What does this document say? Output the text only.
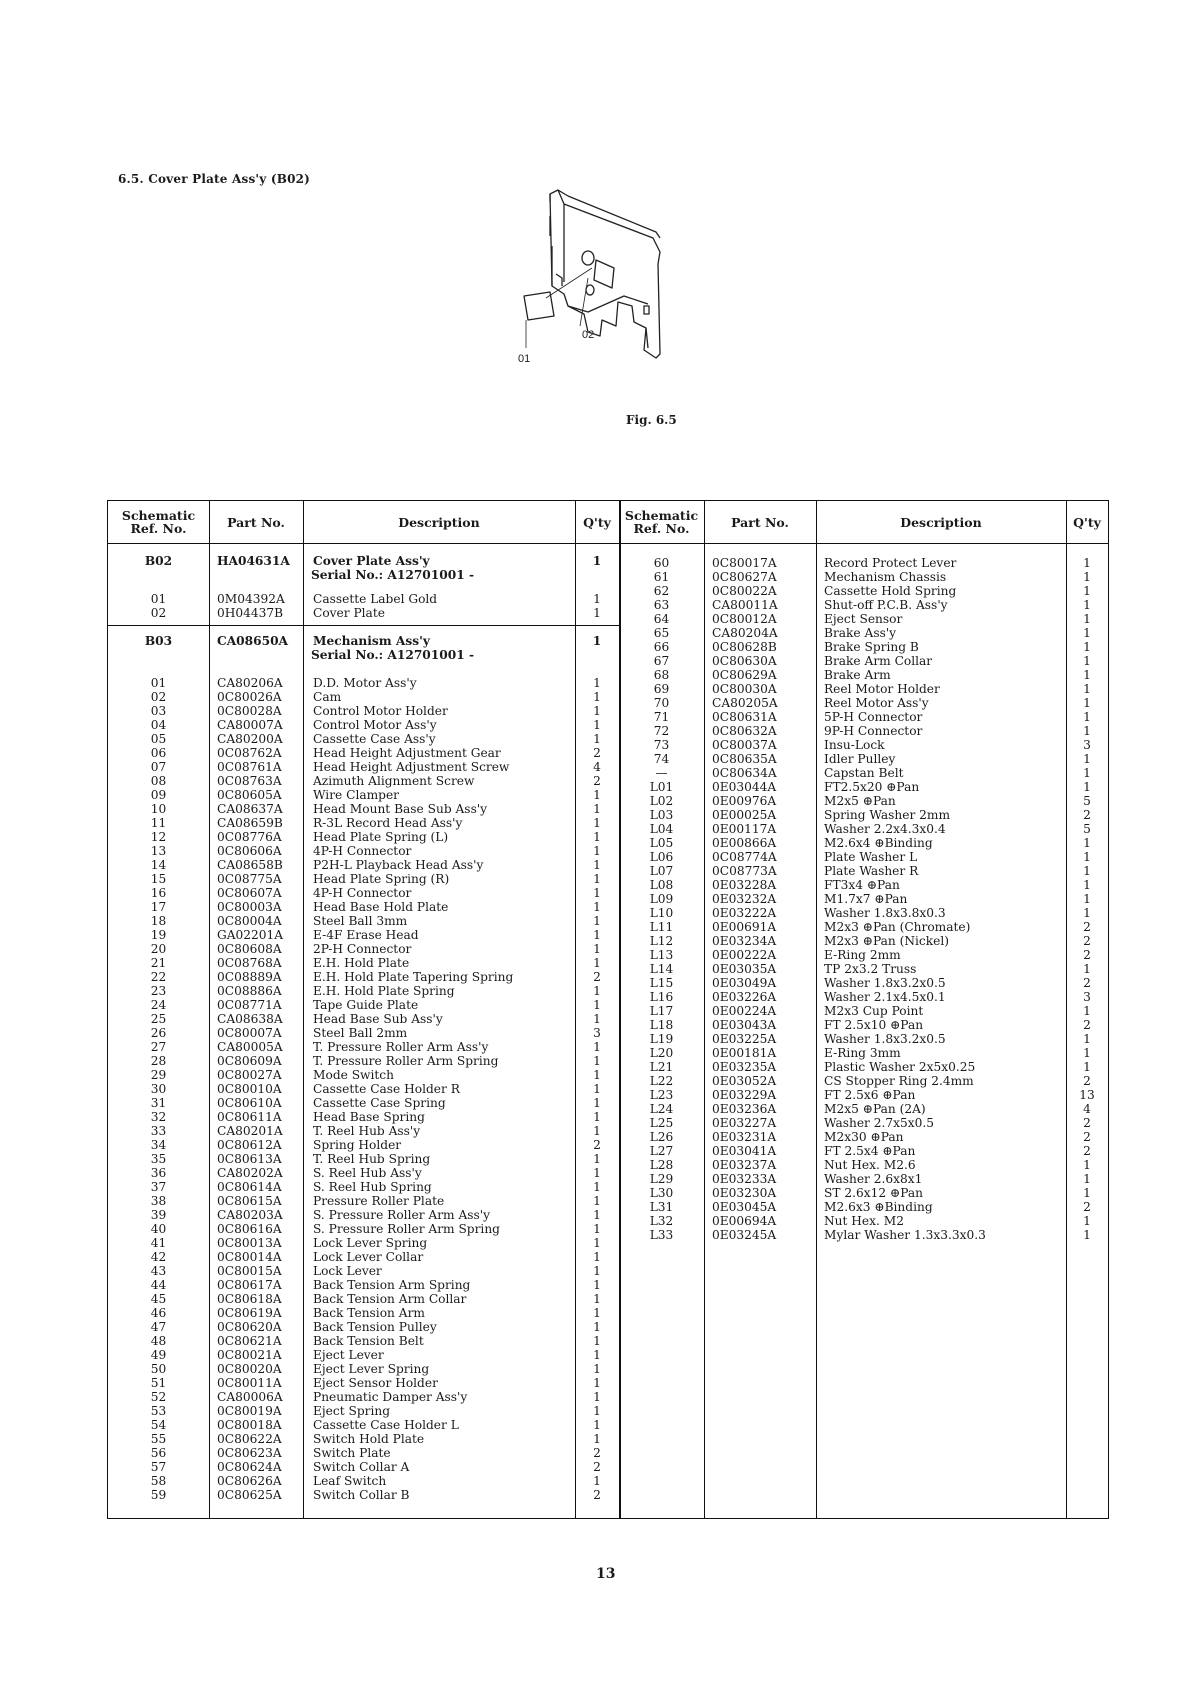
6.5. Cover Plate Ass'y (B02)
02
01
Fig. 6.5
Schematic
Ref. No.	Part No.	Description	Q'ty	Schematic
Ref. No.	Part No.	Description	Q'ty
B02	HA04631A	Cover Plate Ass'y	1
Serial No.: A12701001 -
01	0M04392A	Cassette Label Gold	1
02	0H04437B	Cover Plate	1
B03	CA08650A	Mechanism Ass'y	1
Serial No.: A12701001 -
01	CA80206A	D.D. Motor Ass'y	1
02	0C80026A	Cam	1
03	0C80028A	Control Motor Holder	1
04	CA80007A	Control Motor Ass'y	1
05	CA80200A	Cassette Case Ass'y	1
06	0C08762A	Head Height Adjustment Gear	2
07	0C08761A	Head Height Adjustment Screw	4
08	0C08763A	Azimuth Alignment Screw	2
09	0C80605A	Wire Clamper	1
10	CA08637A	Head Mount Base Sub Ass'y	1
11	CA08659B	R-3L Record Head Ass'y	1
12	0C08776A	Head Plate Spring (L)	1
13	0C80606A	4P-H Connector	1
14	CA08658B	P2H-L Playback Head Ass'y	1
15	0C08775A	Head Plate Spring (R)	1
16	0C80607A	4P-H Connector	1
17	0C80003A	Head Base Hold Plate	1
18	0C80004A	Steel Ball 3mm	1
19	GA02201A	E-4F Erase Head	1
20	0C80608A	2P-H Connector	1
21	0C08768A	E.H. Hold Plate	1
22	0C08889A	E.H. Hold Plate Tapering Spring	2
23	0C08886A	E.H. Hold Plate Spring	1
24	0C08771A	Tape Guide Plate	1
25	CA08638A	Head Base Sub Ass'y	1
26	0C80007A	Steel Ball 2mm	3
27	CA80005A	T. Pressure Roller Arm Ass'y	1
28	0C80609A	T. Pressure Roller Arm Spring	1
29	0C80027A	Mode Switch	1
30	0C80010A	Cassette Case Holder R	1
31	0C80610A	Cassette Case Spring	1
32	0C80611A	Head Base Spring	1
33	CA80201A	T. Reel Hub Ass'y	1
34	0C80612A	Spring Holder	2
35	0C80613A	T. Reel Hub Spring	1
36	CA80202A	S. Reel Hub Ass'y	1
37	0C80614A	S. Reel Hub Spring	1
38	0C80615A	Pressure Roller Plate	1
39	CA80203A	S. Pressure Roller Arm Ass'y	1
40	0C80616A	S. Pressure Roller Arm Spring	1
41	0C80013A	Lock Lever Spring	1
42	0C80014A	Lock Lever Collar	1
43	0C80015A	Lock Lever	1
44	0C80617A	Back Tension Arm Spring	1
45	0C80618A	Back Tension Arm Collar	1
46	0C80619A	Back Tension Arm	1
47	0C80620A	Back Tension Pulley	1
48	0C80621A	Back Tension Belt	1
49	0C80021A	Eject Lever	1
50	0C80020A	Eject Lever Spring	1
51	0C80011A	Eject Sensor Holder	1
52	CA80006A	Pneumatic Damper Ass'y	1
53	0C80019A	Eject Spring	1
54	0C80018A	Cassette Case Holder L	1
55	0C80622A	Switch Hold Plate	1
56	0C80623A	Switch Plate	2
57	0C80624A	Switch Collar A	2
58	0C80626A	Leaf Switch	1
59	0C80625A	Switch Collar B	2
60	0C80017A	Record Protect Lever	1
61	0C80627A	Mechanism Chassis	1
62	0C80022A	Cassette Hold Spring	1
63	CA80011A	Shut-off P.C.B. Ass'y	1
64	0C80012A	Eject Sensor	1
65	CA80204A	Brake Ass'y	1
66	0C80628B	Brake Spring B	1
67	0C80630A	Brake Arm Collar	1
68	0C80629A	Brake Arm	1
69	0C80030A	Reel Motor Holder	1
70	CA80205A	Reel Motor Ass'y	1
71	0C80631A	5P-H Connector	1
72	0C80632A	9P-H Connector	1
73	0C80037A	Insu-Lock	3
74	0C80635A	Idler Pulley	1
—	0C80634A	Capstan Belt	1
L01	0E03044A	FT2.5x20 ⊕Pan	1
L02	0E00976A	M2x5 ⊕Pan	5
L03	0E00025A	Spring Washer 2mm	2
L04	0E00117A	Washer 2.2x4.3x0.4	5
L05	0E00866A	M2.6x4 ⊕Binding	1
L06	0C08774A	Plate Washer L	1
L07	0C08773A	Plate Washer R	1
L08	0E03228A	FT3x4 ⊕Pan	1
L09	0E03232A	M1.7x7 ⊕Pan	1
L10	0E03222A	Washer 1.8x3.8x0.3	1
L11	0E00691A	M2x3 ⊕Pan (Chromate)	2
L12	0E03234A	M2x3 ⊕Pan (Nickel)	2
L13	0E00222A	E-Ring 2mm	2
L14	0E03035A	TP 2x3.2 Truss	1
L15	0E03049A	Washer 1.8x3.2x0.5	2
L16	0E03226A	Washer 2.1x4.5x0.1	3
L17	0E00224A	M2x3 Cup Point	1
L18	0E03043A	FT 2.5x10 ⊕Pan	2
L19	0E03225A	Washer 1.8x3.2x0.5	1
L20	0E00181A	E-Ring 3mm	1
L21	0E03235A	Plastic Washer 2x5x0.25	1
L22	0E03052A	CS Stopper Ring 2.4mm	2
L23	0E03229A	FT 2.5x6 ⊕Pan	13
L24	0E03236A	M2x5 ⊕Pan (2A)	4
L25	0E03227A	Washer 2.7x5x0.5	2
L26	0E03231A	M2x30 ⊕Pan	2
L27	0E03041A	FT 2.5x4 ⊕Pan	2
L28	0E03237A	Nut Hex. M2.6	1
L29	0E03233A	Washer 2.6x8x1	1
L30	0E03230A	ST 2.6x12 ⊕Pan	1
L31	0E03045A	M2.6x3 ⊕Binding	2
L32	0E00694A	Nut Hex. M2	1
L33	0E03245A	Mylar Washer 1.3x3.3x0.3	1
13
